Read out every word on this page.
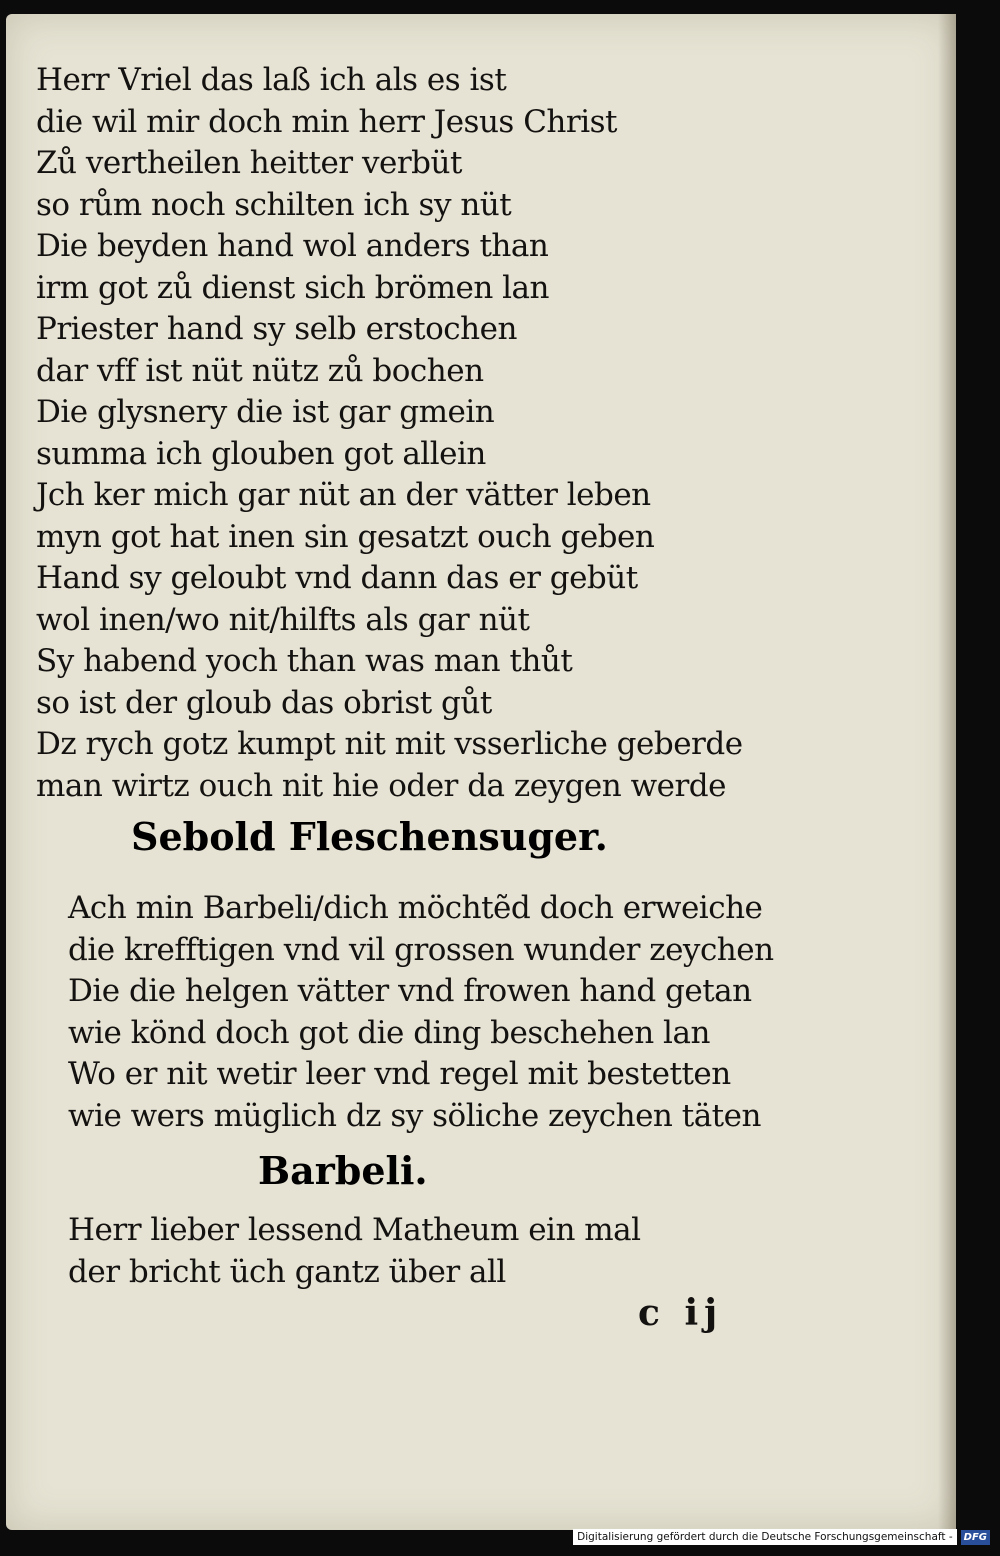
Herr Vriel das laß ich als es ist
die wil mir doch min herr Jesus Christ
Zů vertheilen heitter verbüt
so rům noch schilten ich sy nüt
Die beyden hand wol anders than
irm got zů dienst sich brömen lan
Priester hand sy selb erstochen
dar vff ist nüt nütz zů bochen
Die glysnery die ist gar gmein
summa ich glouben got allein
Jch ker mich gar nüt an der vätter leben
myn got hat inen sin gesatzt ouch geben
Hand sy geloubt vnd dann das er gebüt
wol inen/wo nit/hilfts als gar nüt
Sy habend yoch than was man thůt
so ist der gloub das obrist gůt
Dz rych gotz kumpt nit mit vsserliche geberde
man wirtz ouch nit hie oder da zeygen werde
Sebold Fleschensuger.
Ach min Barbeli/dich möchtẽd doch erweiche
die krefftigen vnd vil grossen wunder zeychen
Die die helgen vätter vnd frowen hand getan
wie könd doch got die ding beschehen lan
Wo er nit wetir leer vnd regel mit bestetten
wie wers müglich dz sy söliche zeychen täten
Barbeli.
Herr lieber lessend Matheum ein mal
der bricht üch gantz über all
c ij
Digitalisierung gefördert durch die Deutsche Forschungsgemeinschaft -	DFG
